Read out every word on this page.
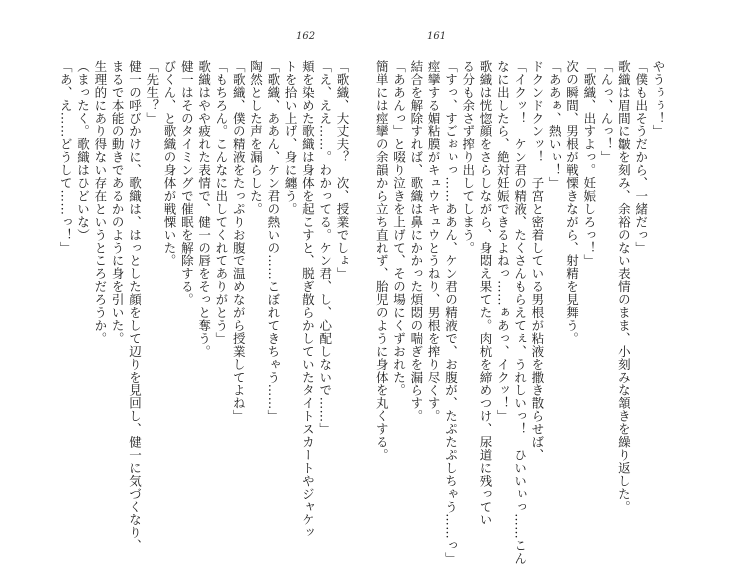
162	161
やうぅぅ！」
「僕も出そうだから、一緒だっ」
歌織は眉間に皺を刻み、余裕のない表情のまま、小刻みな頷きを繰り返した。
「んっ、んっ！」
「歌織、出すよっ。妊娠しろっ！」
次の瞬間、男根が戦慄きながら、射精を見舞う。
「ああぁ、熱いぃ！」
ドクンドクンッ！　子宮と密着している男根が粘液を撒き散らせば、
「イクッ！　ケン君の精液、たくさんもらえてぇ、うれしいっ！　ひいいぃっ……こん
なに出したら、絶対妊娠できるよねっ……ぁあっ、イクッ！」
歌織は恍惚顔をさらしながら、身悶え果てた。肉杭を締めつけ、尿道に残ってい
る分も余さず搾り出してしまう。
「すっ、すごぉぃっ……ああん、ケン君の精液で、お腹が、たぷたぷしちゃう……っ」
痙攣する媚粘膜がキュウキュウとうねり、男根を搾り尽くす。
結合を解除すれば、歌織は鼻にかかった煩悶の喘ぎを漏らす。
「ああんっ」と啜り泣きを上げて、その場にくずおれた。
簡単には痙攣の余韻から立ち直れず、胎児のように身体を丸くする。
「歌織、大丈夫？　次、授業でしょ」
「え、ええ……。わかってる。ケン君、し、心配しないで……」
頬を染めた歌織は身体を起こすと、脱ぎ散らかしていたタイトスカートやジャケッ
トを拾い上げ、身に纏う。
「歌織、ああん、ケン君の熱いの……こぼれてきちゃう……」
陶然とした声を漏らした。
「歌織、僕の精液をたっぷりお腹で温めながら授業してよね」
「もちろん。こんなに出してくれてありがとう」
歌織はやや疲れた表情で、健一の唇をそっと奪う。
健一はそのタイミングで催眠を解除する。
びくん、と歌織の身体が戦慄いた。
「先生？」
健一の呼びかけに、歌織は、はっとした顔をして辺りを見回し、健一に気づくなり、
まるで本能の動きであるかのように身を引いた。
生理的にあり得ない存在というところだろうか。
（まったく。歌織はひどいな）
「あ、え……どうして……っ！」
